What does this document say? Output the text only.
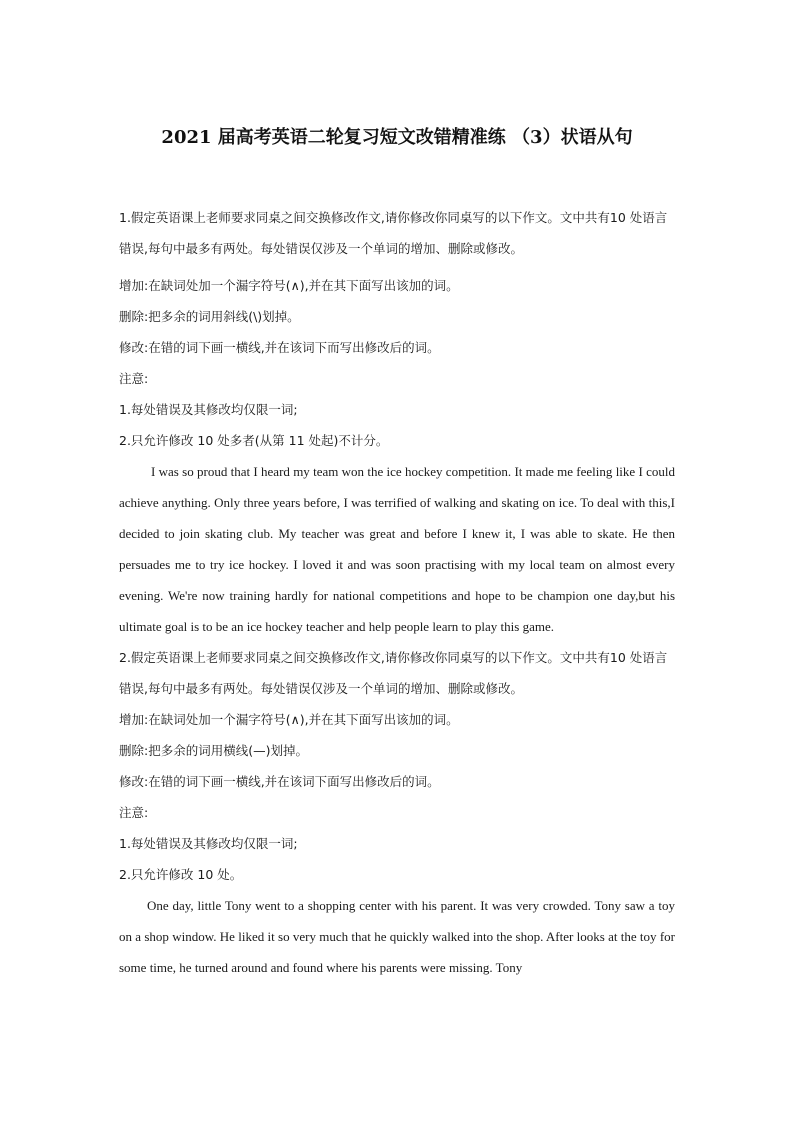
2021 届高考英语二轮复习短文改错精准练 （3）状语从句

1.假定英语课上老师要求同桌之间交换修改作文,请你修改你同桌写的以下作文。文中共有10 处语言错误,每句中最多有两处。每处错误仅涉及一个单词的增加、删除或修改。

增加:在缺词处加一个漏字符号(∧),并在其下面写出该加的词。

删除:把多余的词用斜线(\)划掉。

修改:在错的词下画一横线,并在该词下而写出修改后的词。

注意:

1.每处错误及其修改均仅限一词;

2.只允许修改 10 处多者(从第 11 处起)不计分。

I was so proud that I heard my team won the ice hockey competition. It made me feeling like I could achieve anything. Only three years before, I was terrified of walking and skating on ice. To deal with this,I decided to join skating club. My teacher was great and before I knew it, I was able to skate. He then persuades me to try ice hockey. I loved it and was soon practising with my local team on almost every evening. We're now training hardly for national competitions and hope to be champion one day,but his ultimate goal is to be an ice hockey teacher and help people learn to play this game.

2.假定英语课上老师要求同桌之间交换修改作文,请你修改你同桌写的以下作文。文中共有10 处语言错误,每句中最多有两处。每处错误仅涉及一个单词的增加、删除或修改。

增加:在缺词处加一个漏字符号(∧),并在其下面写出该加的词。

删除:把多余的词用横线(—)划掉。

修改:在错的词下画一横线,并在该词下面写出修改后的词。

注意:

1.每处错误及其修改均仅限一词;

2.只允许修改 10 处。

One day, little Tony went to a shopping center with his parent. It was very crowded. Tony saw a toy on a shop window. He liked it so very much that he quickly walked into the shop. After looks at the toy for some time, he turned around and found where his parents were missing. Tony
